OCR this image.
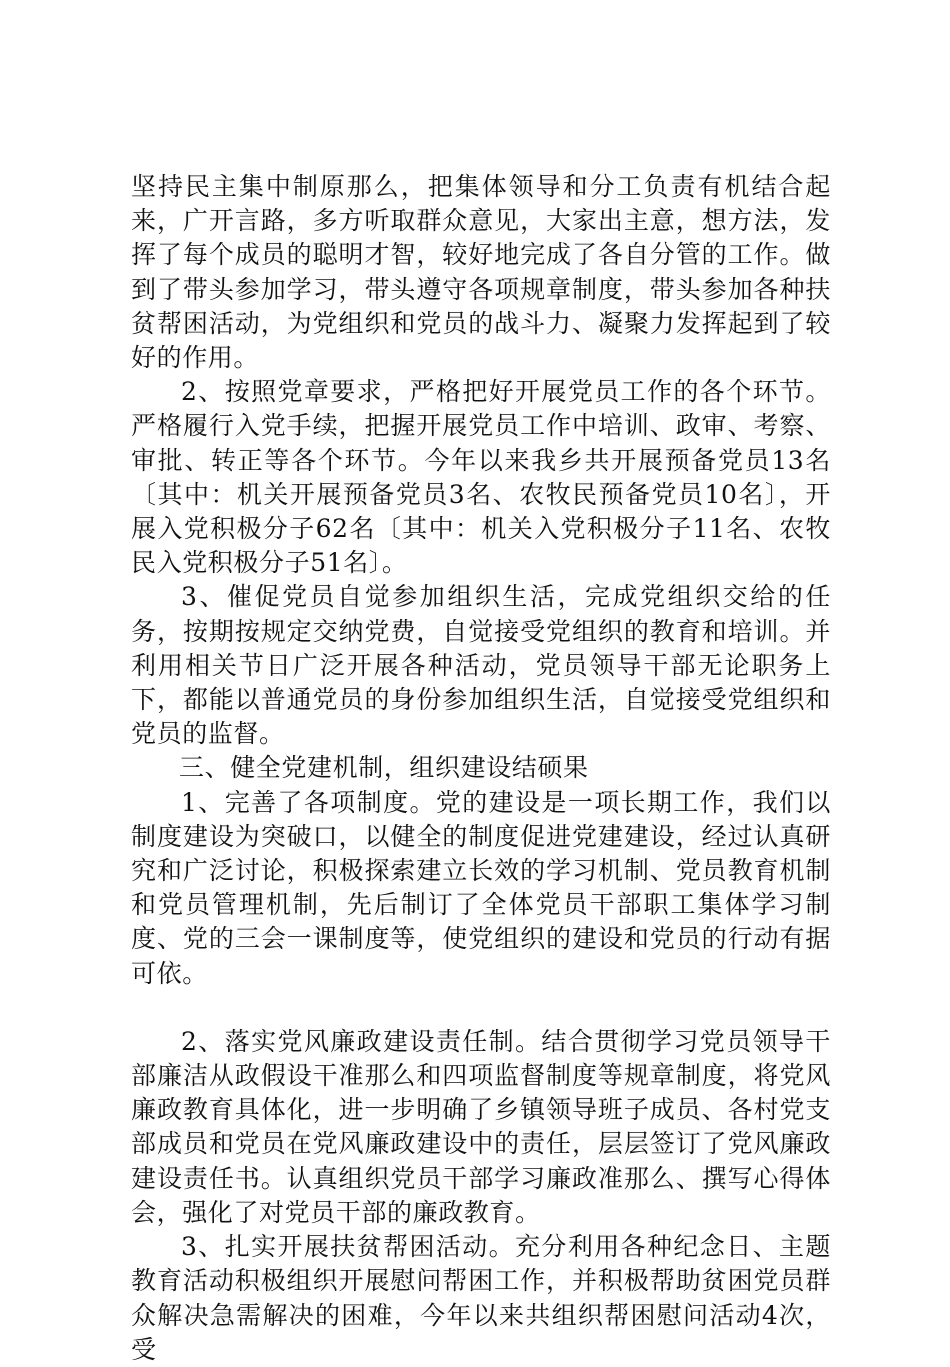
坚持民主集中制原那么，把集体领导和分工负责有机结合起来，广开言路，多方听取群众意见，大家出主意，想方法，发挥了每个成员的聪明才智，较好地完成了各自分管的工作。做到了带头参加学习，带头遵守各项规章制度，带头参加各种扶贫帮困活动，为党组织和党员的战斗力、凝聚力发挥起到了较好的作用。

2、按照党章要求，严格把好开展党员工作的各个环节。严格履行入党手续，把握开展党员工作中培训、政审、考察、审批、转正等各个环节。今年以来我乡共开展预备党员13名〔其中：机关开展预备党员3名、农牧民预备党员10名〕，开展入党积极分子62名〔其中：机关入党积极分子11名、农牧民入党积极分子51名〕。

3、催促党员自觉参加组织生活，完成党组织交给的任务，按期按规定交纳党费，自觉接受党组织的教育和培训。并利用相关节日广泛开展各种活动，党员领导干部无论职务上下，都能以普通党员的身份参加组织生活，自觉接受党组织和党员的监督。

三、健全党建机制，组织建设结硕果

1、完善了各项制度。党的建设是一项长期工作，我们以制度建设为突破口，以健全的制度促进党建建设，经过认真研究和广泛讨论，积极探索建立长效的学习机制、党员教育机制和党员管理机制，先后制订了全体党员干部职工集体学习制度、党的三会一课制度等，使党组织的建设和党员的行动有据可依。

2、落实党风廉政建设责任制。结合贯彻学习党员领导干部廉洁从政假设干准那么和四项监督制度等规章制度，将党风廉政教育具体化，进一步明确了乡镇领导班子成员、各村党支部成员和党员在党风廉政建设中的责任，层层签订了党风廉政建设责任书。认真组织党员干部学习廉政准那么、撰写心得体会，强化了对党员干部的廉政教育。

3、扎实开展扶贫帮困活动。充分利用各种纪念日、主题教育活动积极组织开展慰问帮困工作，并积极帮助贫困党员群众解决急需解决的困难，今年以来共组织帮困慰问活动4次，受
